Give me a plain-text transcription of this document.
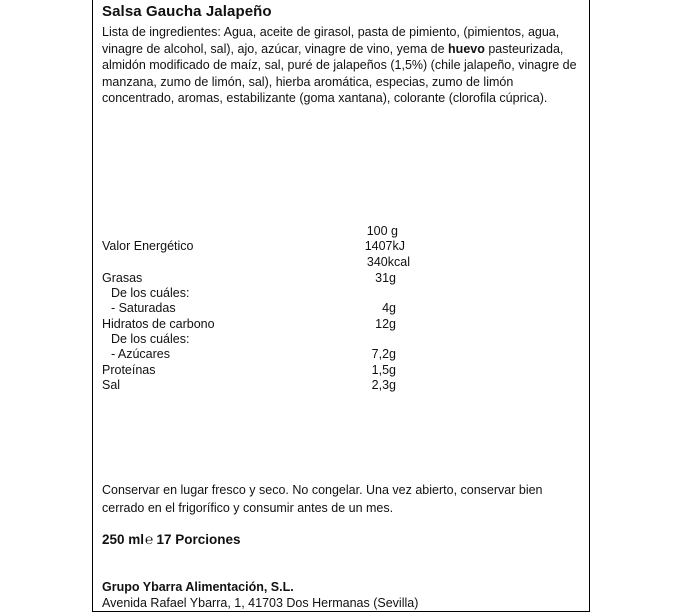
Salsa Gaucha Jalapeño
Lista de ingredientes: Agua, aceite de girasol, pasta de pimiento, (pimientos, agua, vinagre de alcohol, sal), ajo, azúcar, vinagre de vino, yema de huevo pasteurizada, almidón modificado de maíz, sal, puré de jalapeños (1,5%) (chile jalapeño, vinagre de manzana, zumo de limón, sal), hierba aromática, especias, zumo de limón concentrado, aromas, estabilizante (goma xantana), colorante (clorofila cúprica).
100 g
Valor Energético	1407kJ
340kcal
Grasas	31g
De los cuáles:
- Saturadas	4g
Hidratos de carbono	12g
De los cuáles:
- Azúcares	7,2g
Proteínas	1,5g
Sal	2,3g
Conservar en lugar fresco y seco. No congelar. Una vez abierto, conservar bien cerrado en el frigorífico y consumir antes de un mes.
250 ml℮ 17 Porciones
Grupo Ybarra Alimentación, S.L.
Avenida Rafael Ybarra, 1, 41703 Dos Hermanas (Sevilla)
